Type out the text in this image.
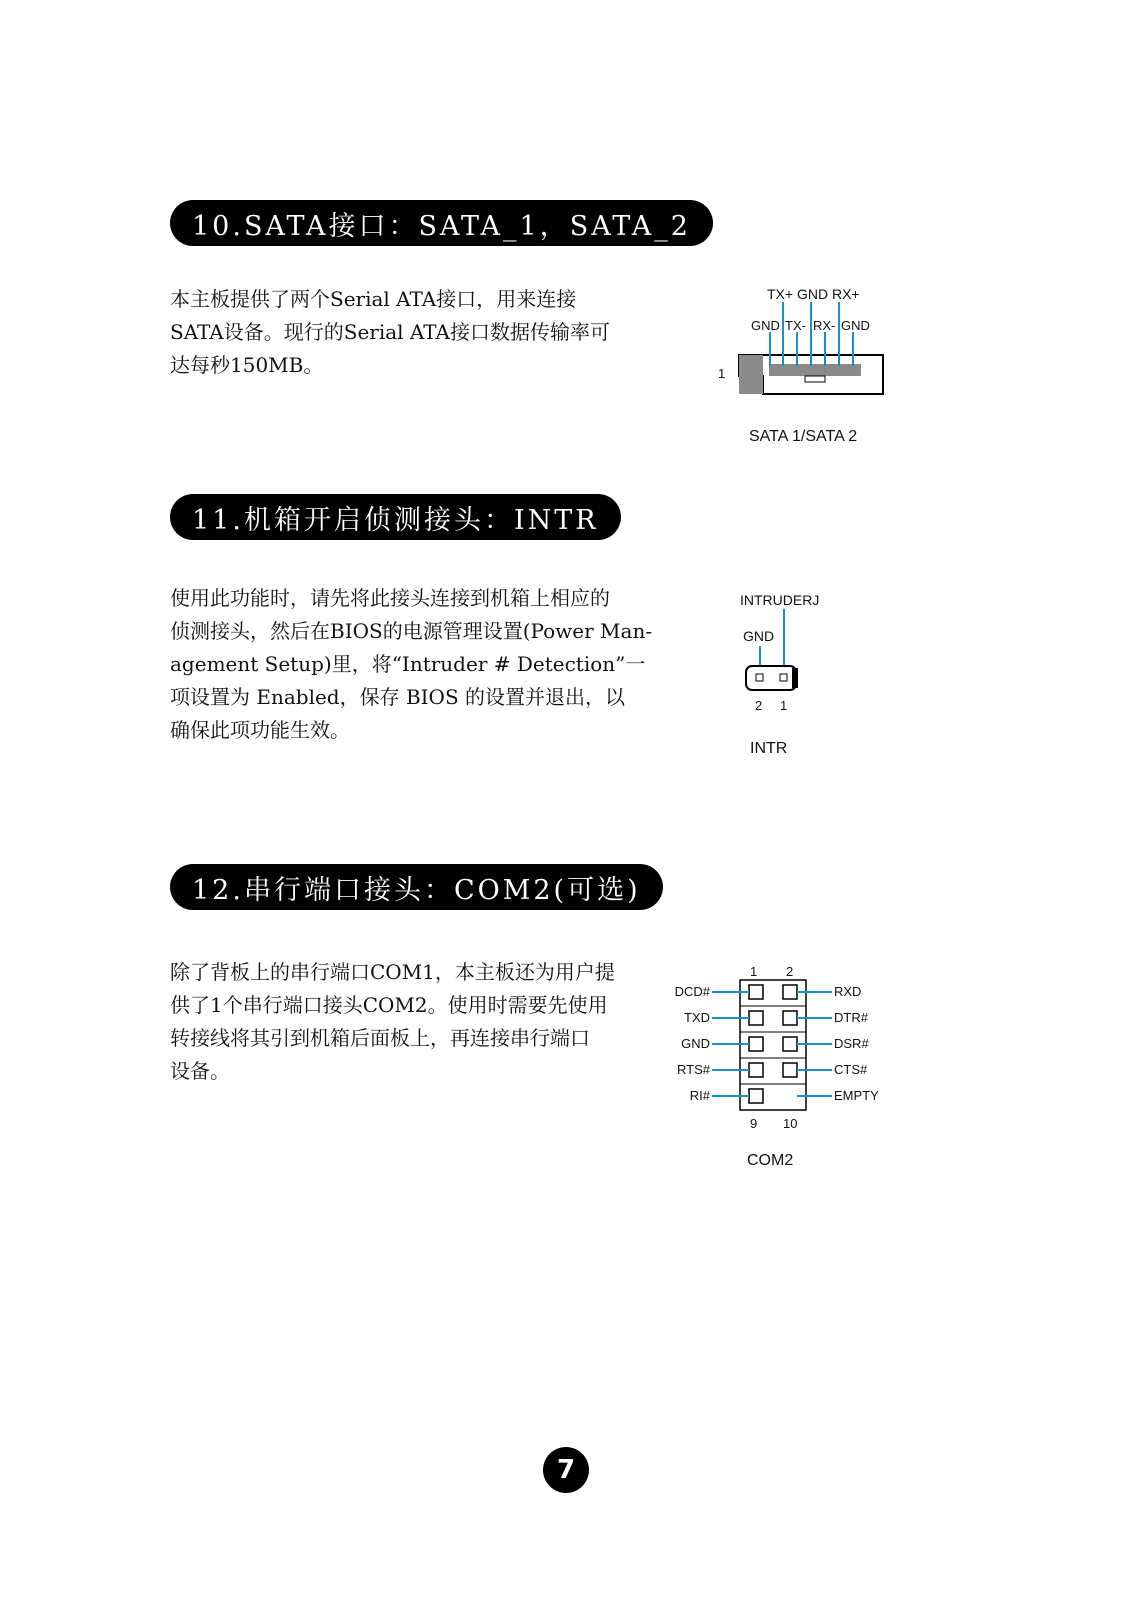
10.SATA接口：SATA_1，SATA_2

本主板提供了两个Serial ATA接口，用来连接
SATA设备。现行的Serial ATA接口数据传输率可
达每秒150MB。

TX+ GND RX+
GND TX- RX- GND
1
SATA 1/SATA 2
11.机箱开启侦测接头：INTR

使用此功能时，请先将此接头连接到机箱上相应的
侦测接头，然后在BIOS的电源管理设置(Power Man-
agement Setup)里，将“Intruder # Detection”一
项设置为 Enabled，保存 BIOS 的设置并退出，以
确保此项功能生效。

INTRUDERJ
GND
2 1
INTR
12.串行端口接头：COM2(可选)

除了背板上的串行端口COM1，本主板还为用户提
供了1个串行端口接头COM2。使用时需要先使用
转接线将其引到机箱后面板上，再连接串行端口
设备。

1 2
DCD#
TXD
GND
RTS#
RI#
RXD
DTR#
DSR#
CTS#
EMPTY
9 10
COM2
7
